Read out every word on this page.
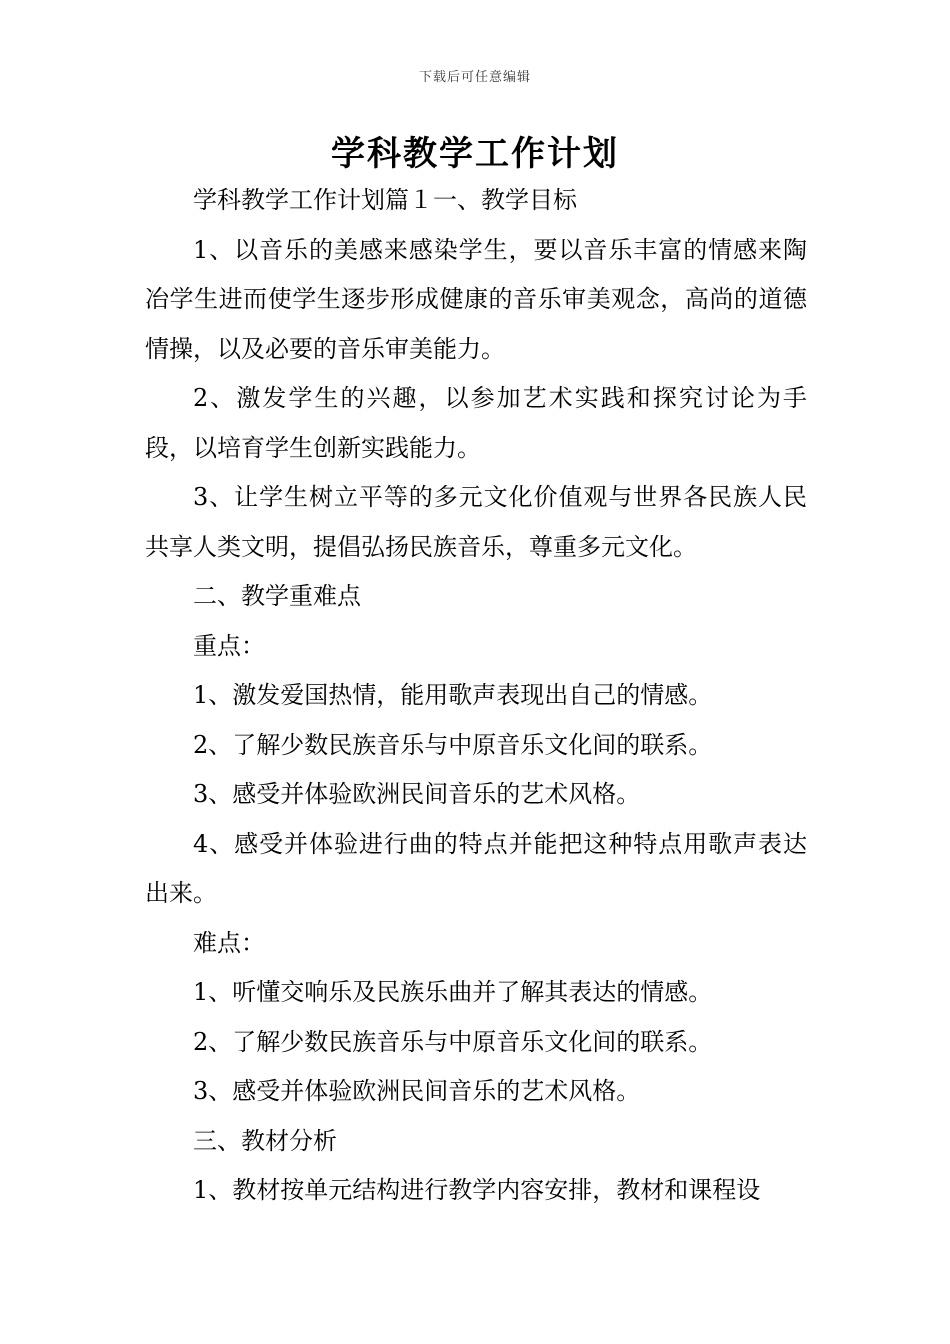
下载后可任意编辑
学科教学工作计划

学科教学工作计划篇１一、教学目标

1、以音乐的美感来感染学生，要以音乐丰富的情感来陶冶学生进而使学生逐步形成健康的音乐审美观念，高尚的道德情操，以及必要的音乐审美能力。

2、激发学生的兴趣，以参加艺术实践和探究讨论为手段，以培育学生创新实践能力。

3、让学生树立平等的多元文化价值观与世界各民族人民共享人类文明，提倡弘扬民族音乐，尊重多元文化。

二、教学重难点

重点：

1、激发爱国热情，能用歌声表现出自己的情感。

2、了解少数民族音乐与中原音乐文化间的联系。

3、感受并体验欧洲民间音乐的艺术风格。

4、感受并体验进行曲的特点并能把这种特点用歌声表达出来。

难点：

1、听懂交响乐及民族乐曲并了解其表达的情感。

2、了解少数民族音乐与中原音乐文化间的联系。

3、感受并体验欧洲民间音乐的艺术风格。

三、教材分析

1、教材按单元结构进行教学内容安排，教材和课程设
